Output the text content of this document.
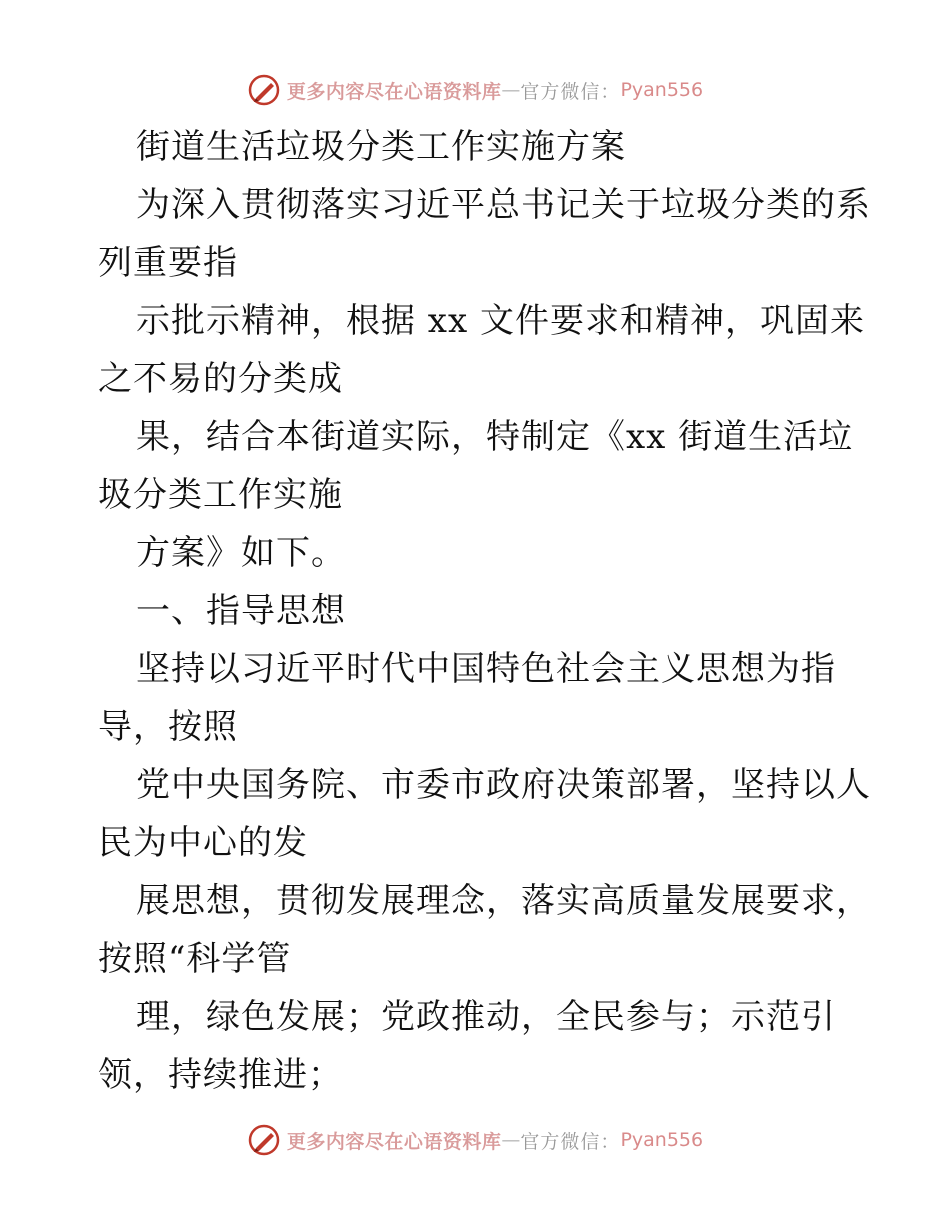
更多内容尽在心语资料库 — 官方微信： Pyan556
街道生活垃圾分类工作实施方案
为深入贯彻落实习近平总书记关于垃圾分类的系
列重要指
示批示精神，根据 xx 文件要求和精神，巩固来
之不易的分类成
果，结合本街道实际，特制定《xx 街道生活垃
圾分类工作实施
方案》如下。
一、指导思想
坚持以习近平时代中国特色社会主义思想为指
导，按照
党中央国务院、市委市政府决策部署，坚持以人
民为中心的发
展思想，贯彻发展理念，落实高质量发展要求，
按照“科学管
理，绿色发展；党政推动，全民参与；示范引
领，持续推进；
更多内容尽在心语资料库 — 官方微信： Pyan556
